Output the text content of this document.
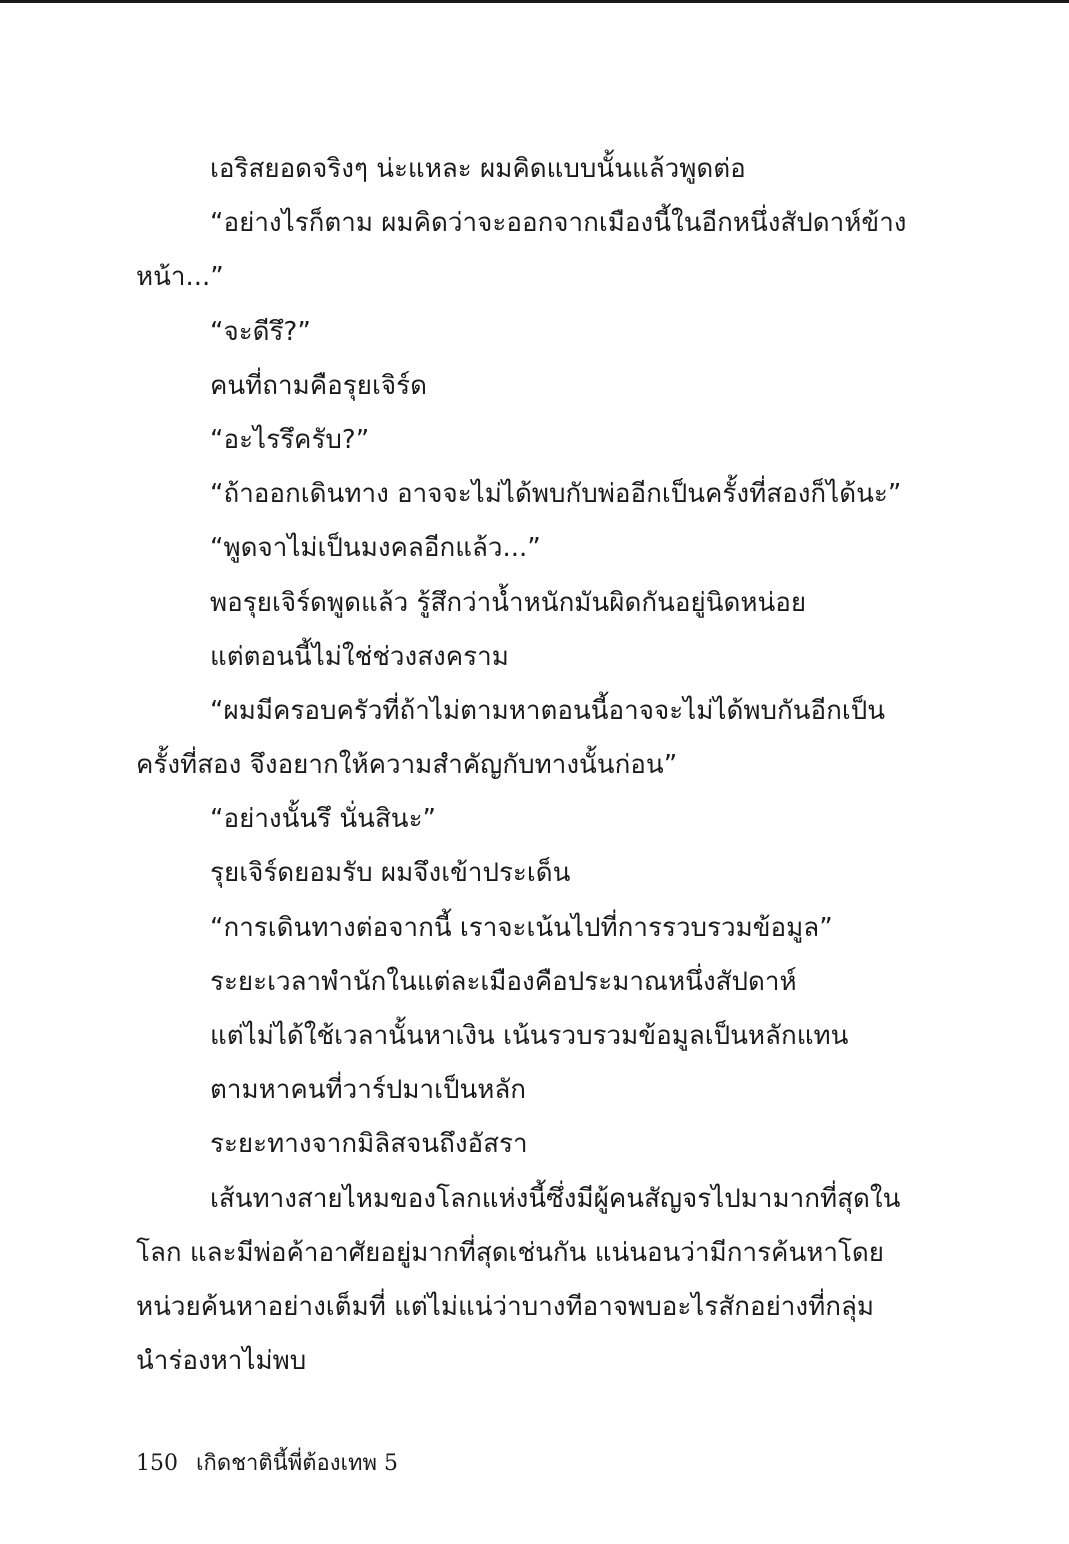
เอริสยอดจริงๆ น่ะแหละ ผมคิดแบบนั้นแล้วพูดต่อ
“อย่างไรก็ตาม ผมคิดว่าจะออกจากเมืองนี้ในอีกหนึ่งสัปดาห์ข้าง
หน้า...”
“จะดีรึ?”
คนที่ถามคือรุยเจิร์ด
“อะไรรึครับ?”
“ถ้าออกเดินทาง อาจจะไม่ได้พบกับพ่ออีกเป็นครั้งที่สองก็ได้นะ”
“พูดจาไม่เป็นมงคลอีกแล้ว...”
พอรุยเจิร์ดพูดแล้ว รู้สึกว่าน้ำหนักมันผิดกันอยู่นิดหน่อย
แต่ตอนนี้ไม่ใช่ช่วงสงคราม
“ผมมีครอบครัวที่ถ้าไม่ตามหาตอนนี้อาจจะไม่ได้พบกันอีกเป็น
ครั้งที่สอง จึงอยากให้ความสำคัญกับทางนั้นก่อน”
“อย่างนั้นรึ นั่นสินะ”
รุยเจิร์ดยอมรับ ผมจึงเข้าประเด็น
“การเดินทางต่อจากนี้ เราจะเน้นไปที่การรวบรวมข้อมูล”
ระยะเวลาพำนักในแต่ละเมืองคือประมาณหนึ่งสัปดาห์
แต่ไม่ได้ใช้เวลานั้นหาเงิน เน้นรวบรวมข้อมูลเป็นหลักแทน
ตามหาคนที่วาร์ปมาเป็นหลัก
ระยะทางจากมิลิสจนถึงอัสรา
เส้นทางสายไหมของโลกแห่งนี้ซึ่งมีผู้คนสัญจรไปมามากที่สุดใน
โลก และมีพ่อค้าอาศัยอยู่มากที่สุดเช่นกัน แน่นอนว่ามีการค้นหาโดย
หน่วยค้นหาอย่างเต็มที่ แต่ไม่แน่ว่าบางทีอาจพบอะไรสักอย่างที่กลุ่ม
นำร่องหาไม่พบ
150 เกิดชาตินี้พี่ต้องเทพ 5
